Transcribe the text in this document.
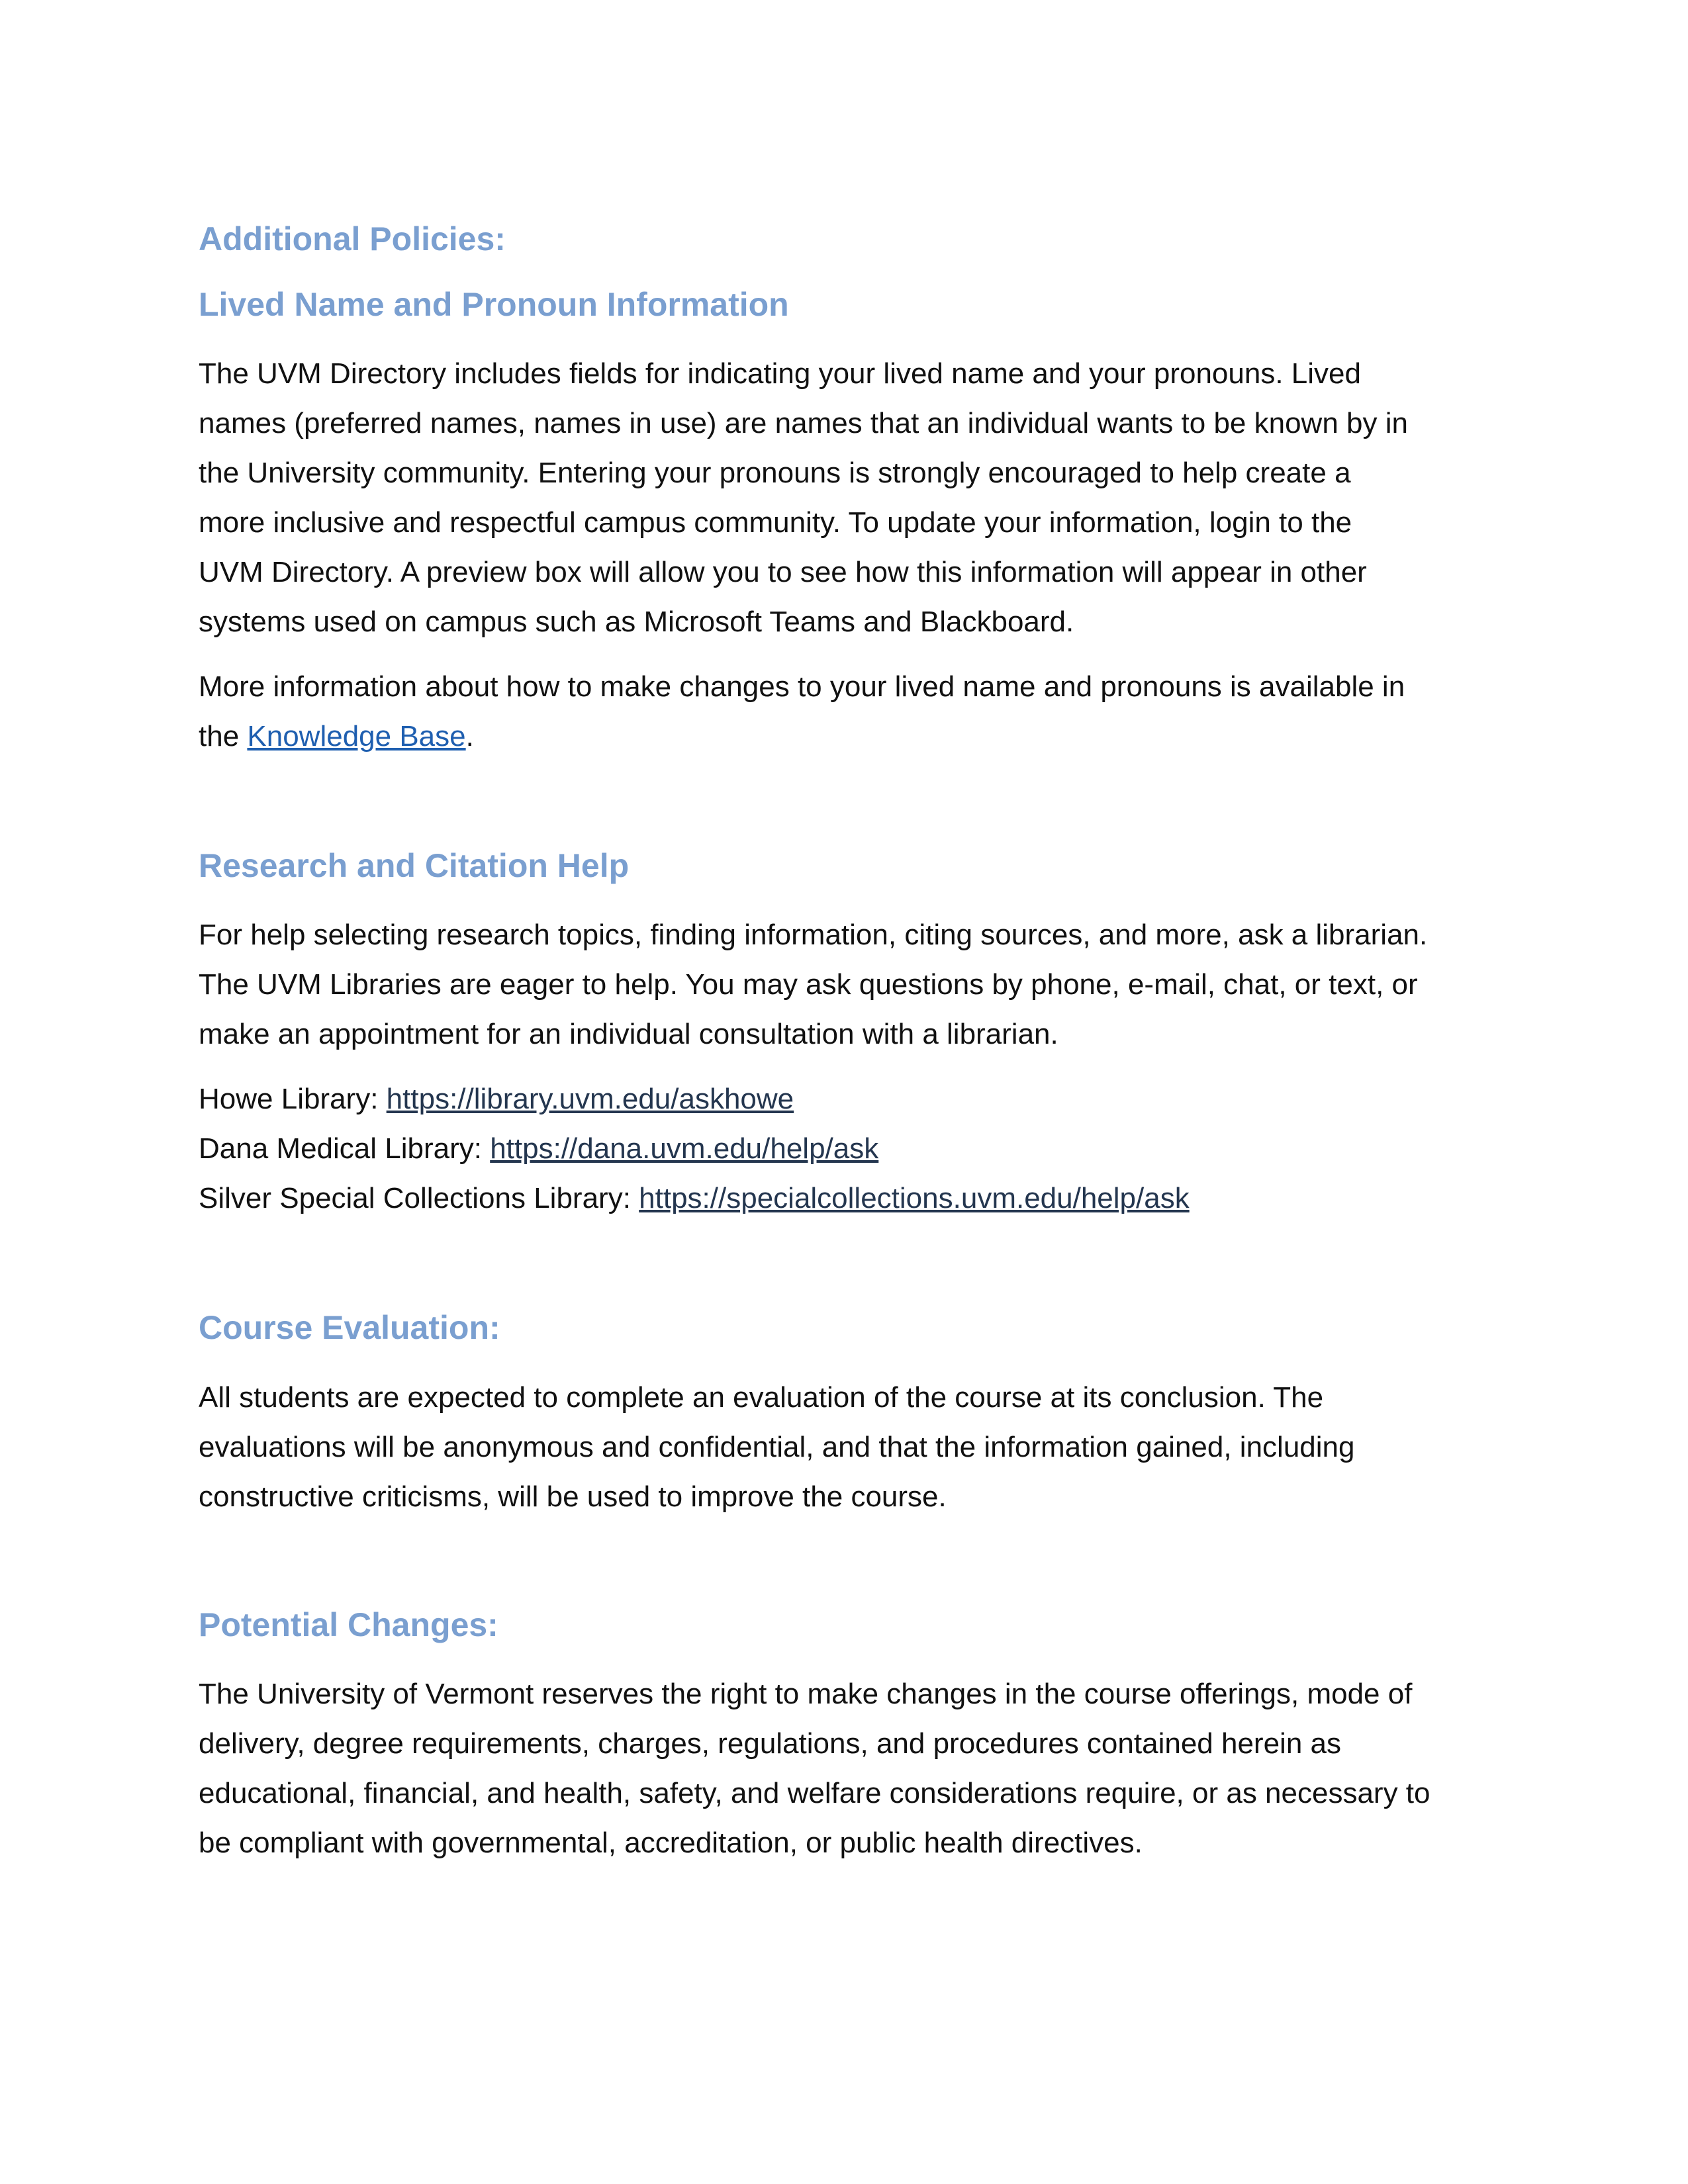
Additional Policies:
Lived Name and Pronoun Information
The UVM Directory includes fields for indicating your lived name and your pronouns. Lived
names (preferred names, names in use) are names that an individual wants to be known by in
the University community. Entering your pronouns is strongly encouraged to help create a
more inclusive and respectful campus community. To update your information, login to the
UVM Directory. A preview box will allow you to see how this information will appear in other
systems used on campus such as Microsoft Teams and Blackboard.
More information about how to make changes to your lived name and pronouns is available in
the Knowledge Base.
Research and Citation Help
For help selecting research topics, finding information, citing sources, and more, ask a librarian.
The UVM Libraries are eager to help. You may ask questions by phone, e-mail, chat, or text, or
make an appointment for an individual consultation with a librarian.
Howe Library: https://library.uvm.edu/askhowe
Dana Medical Library: https://dana.uvm.edu/help/ask
Silver Special Collections Library: https://specialcollections.uvm.edu/help/ask
Course Evaluation:
All students are expected to complete an evaluation of the course at its conclusion. The
evaluations will be anonymous and confidential, and that the information gained, including
constructive criticisms, will be used to improve the course.
Potential Changes:
The University of Vermont reserves the right to make changes in the course offerings, mode of
delivery, degree requirements, charges, regulations, and procedures contained herein as
educational, financial, and health, safety, and welfare considerations require, or as necessary to
be compliant with governmental, accreditation, or public health directives.
